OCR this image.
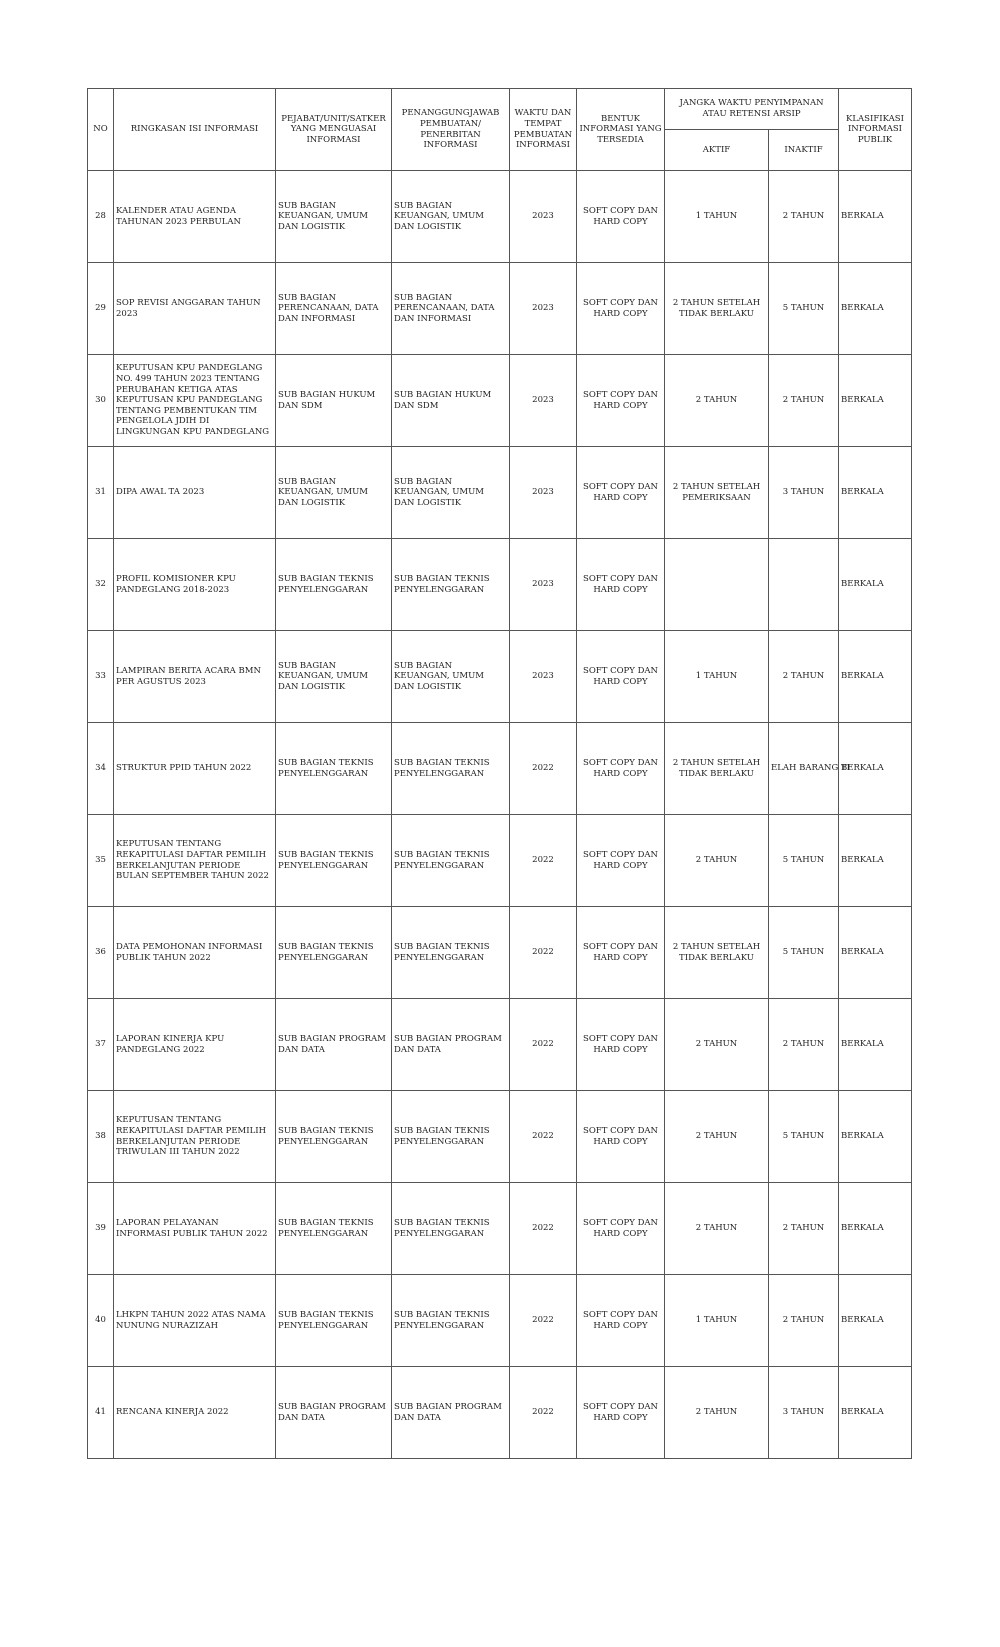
NO	RINGKASAN ISI INFORMASI	PEJABAT/UNIT/SATKER YANG MENGUASAI INFORMASI	PENANGGUNGJAWAB PEMBUATAN/ PENERBITAN INFORMASI	WAKTU DAN TEMPAT PEMBUATAN INFORMASI	BENTUK INFORMASI YANG TERSEDIA	JANGKA WAKTU PENYIMPANAN ATAU RETENSI ARSIP		KLASIFIKASI INFORMASI PUBLIK
						AKTIF	INAKTIF	
28	KALENDER ATAU AGENDA TAHUNAN 2023 PERBULAN	SUB BAGIAN KEUANGAN, UMUM DAN LOGISTIK	SUB BAGIAN KEUANGAN, UMUM DAN LOGISTIK	2023	SOFT COPY DAN HARD COPY	1 TAHUN	2 TAHUN	BERKALA
29	SOP REVISI ANGGARAN TAHUN 2023	SUB BAGIAN PERENCANAAN, DATA DAN INFORMASI	SUB BAGIAN PERENCANAAN, DATA DAN INFORMASI	2023	SOFT COPY DAN HARD COPY	2 TAHUN SETELAH TIDAK BERLAKU	5 TAHUN	BERKALA
30	KEPUTUSAN KPU PANDEGLANG NO. 499 TAHUN 2023 TENTANG PERUBAHAN KETIGA ATAS KEPUTUSAN KPU PANDEGLANG TENTANG PEMBENTUKAN TIM PENGELOLA JDIH DI LINGKUNGAN KPU PANDEGLANG	SUB BAGIAN HUKUM DAN SDM	SUB BAGIAN HUKUM DAN SDM	2023	SOFT COPY DAN HARD COPY	2 TAHUN	2 TAHUN	BERKALA
31	DIPA AWAL TA 2023	SUB BAGIAN KEUANGAN, UMUM DAN LOGISTIK	SUB BAGIAN KEUANGAN, UMUM DAN LOGISTIK	2023	SOFT COPY DAN HARD COPY	2 TAHUN SETELAH PEMERIKSAAN	3 TAHUN	BERKALA
32	PROFIL KOMISIONER KPU PANDEGLANG 2018-2023	SUB BAGIAN TEKNIS PENYELENGGARAN	SUB BAGIAN TEKNIS PENYELENGGARAN	2023	SOFT COPY DAN HARD COPY			BERKALA
33	LAMPIRAN BERITA ACARA BMN PER AGUSTUS 2023	SUB BAGIAN KEUANGAN, UMUM DAN LOGISTIK	SUB BAGIAN KEUANGAN, UMUM DAN LOGISTIK	2023	SOFT COPY DAN HARD COPY	1 TAHUN	2 TAHUN	BERKALA
34	STRUKTUR PPID TAHUN 2022	SUB BAGIAN TEKNIS PENYELENGGARAN	SUB BAGIAN TEKNIS PENYELENGGARAN	2022	SOFT COPY DAN HARD COPY	2 TAHUN SETELAH TIDAK BERLAKU	ELAH BARANG TI	BERKALA
35	KEPUTUSAN TENTANG REKAPITULASI DAFTAR PEMILIH BERKELANJUTAN PERIODE BULAN SEPTEMBER TAHUN 2022	SUB BAGIAN TEKNIS PENYELENGGARAN	SUB BAGIAN TEKNIS PENYELENGGARAN	2022	SOFT COPY DAN HARD COPY	2 TAHUN	5 TAHUN	BERKALA
36	DATA PEMOHONAN INFORMASI PUBLIK TAHUN 2022	SUB BAGIAN TEKNIS PENYELENGGARAN	SUB BAGIAN TEKNIS PENYELENGGARAN	2022	SOFT COPY DAN HARD COPY	2 TAHUN SETELAH TIDAK BERLAKU	5 TAHUN	BERKALA
37	LAPORAN KINERJA KPU PANDEGLANG 2022	SUB BAGIAN PROGRAM DAN DATA	SUB BAGIAN PROGRAM DAN DATA	2022	SOFT COPY DAN HARD COPY	2 TAHUN	2 TAHUN	BERKALA
38	KEPUTUSAN TENTANG REKAPITULASI DAFTAR PEMILIH BERKELANJUTAN PERIODE TRIWULAN III TAHUN 2022	SUB BAGIAN TEKNIS PENYELENGGARAN	SUB BAGIAN TEKNIS PENYELENGGARAN	2022	SOFT COPY DAN HARD COPY	2 TAHUN	5 TAHUN	BERKALA
39	LAPORAN PELAYANAN INFORMASI PUBLIK TAHUN 2022	SUB BAGIAN TEKNIS PENYELENGGARAN	SUB BAGIAN TEKNIS PENYELENGGARAN	2022	SOFT COPY DAN HARD COPY	2 TAHUN	2 TAHUN	BERKALA
40	LHKPN TAHUN 2022 ATAS NAMA NUNUNG NURAZIZAH	SUB BAGIAN TEKNIS PENYELENGGARAN	SUB BAGIAN TEKNIS PENYELENGGARAN	2022	SOFT COPY DAN HARD COPY	1 TAHUN	2 TAHUN	BERKALA
41	RENCANA KINERJA 2022	SUB BAGIAN PROGRAM DAN DATA	SUB BAGIAN PROGRAM DAN DATA	2022	SOFT COPY DAN HARD COPY	2 TAHUN	3 TAHUN	BERKALA
